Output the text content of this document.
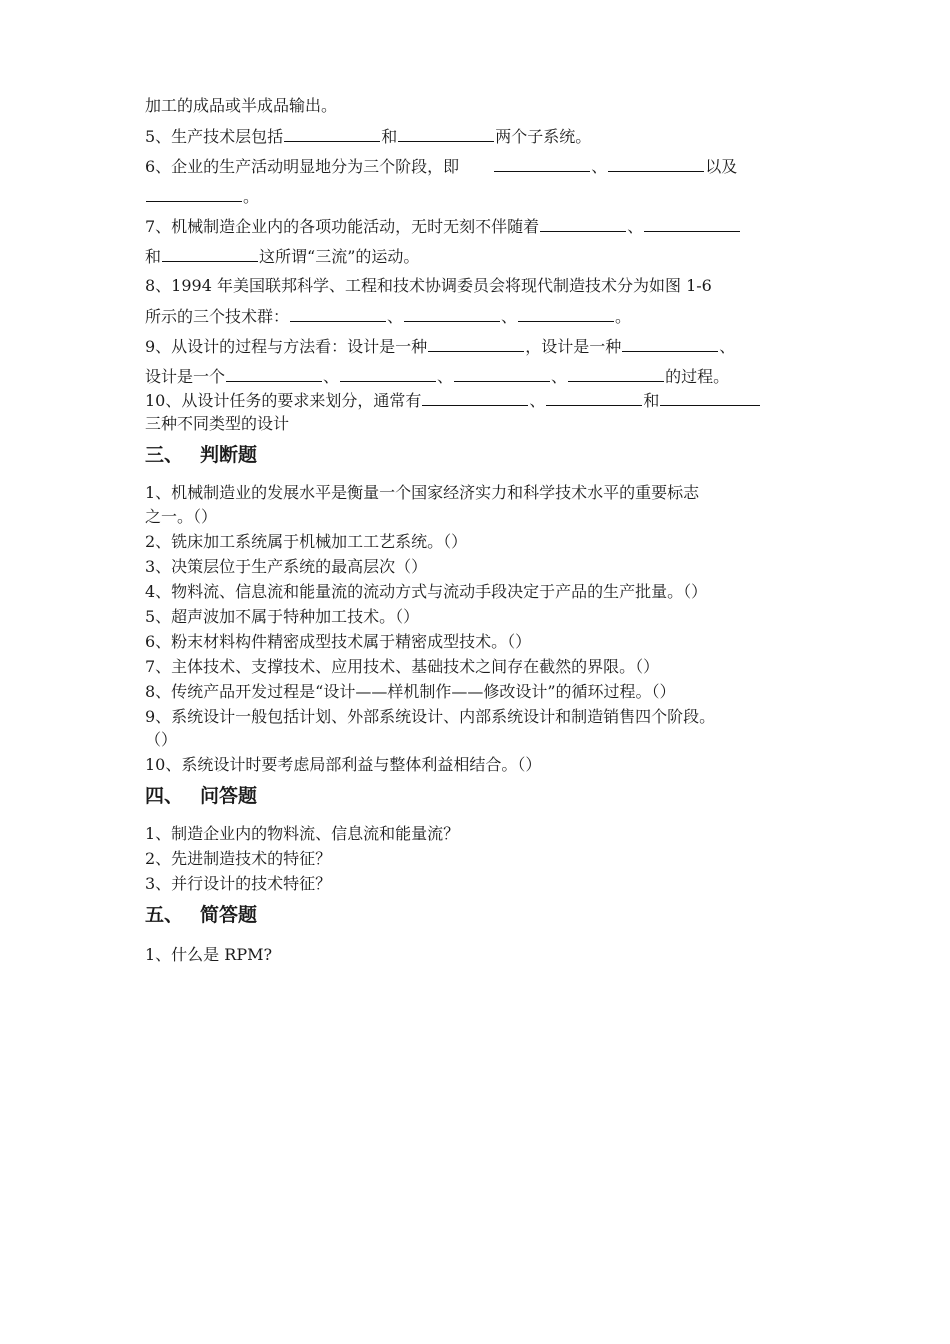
加工的成品或半成品输出。
5、生产技术层包括	和	两个子系统。
6、企业的生产活动明显地分为三个阶段，即	、	以及
。
7、机械制造企业内的各项功能活动，无时无刻不伴随着	、
和	这所谓“三流”的运动。
8、1994 年美国联邦科学、工程和技术协调委员会将现代制造技术分为如图 1-6
所示的三个技术群：	、	、	。
9、从设计的过程与方法看：设计是一种	，设计是一种	、
设计是一个	、	、	、	的过程。
10、从设计任务的要求来划分，通常有	、	和
三种不同类型的设计
三、 判断题
1、机械制造业的发展水平是衡量一个国家经济实力和科学技术水平的重要标志
之一。（）
2、铣床加工系统属于机械加工工艺系统。（）
3、决策层位于生产系统的最高层次（）
4、物料流、信息流和能量流的流动方式与流动手段决定于产品的生产批量。（）
5、超声波加不属于特种加工技术。（）
6、粉末材料构件精密成型技术属于精密成型技术。（）
7、主体技术、支撑技术、应用技术、基础技术之间存在截然的界限。（）
8、传统产品开发过程是“设计——样机制作——修改设计”的循环过程。（）
9、系统设计一般包括计划、外部系统设计、内部系统设计和制造销售四个阶段。
（）
10、系统设计时要考虑局部利益与整体利益相结合。（）
四、 问答题
1、制造企业内的物料流、信息流和能量流？
2、先进制造技术的特征？
3、并行设计的技术特征？
五、 简答题
1、什么是 RPM?
